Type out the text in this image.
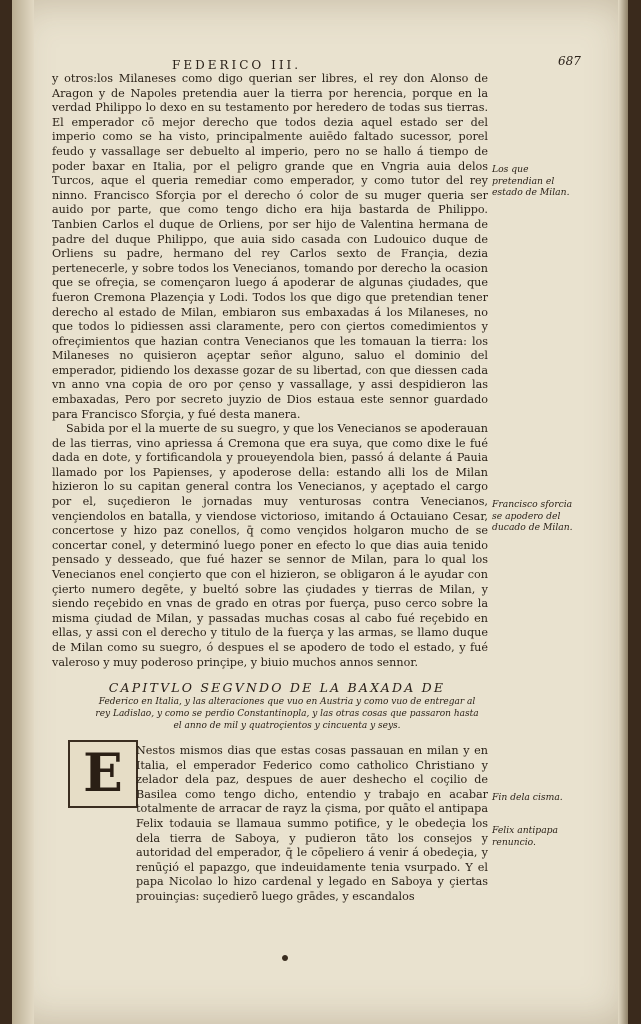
FEDERICO III.	687

y otros:los Milaneses como digo querian ser libres, el rey don Alonso de Aragon y de Napoles pretendia auer la tierra por herencia, porque en la verdad Philippo lo dexo en su testamento por heredero de todas sus tierras. El emperador cō mejor derecho que todos dezia aquel estado ser del imperio como se ha visto, principalmente auiēdo faltado sucessor, porel feudo y vassallage ser debuelto al imperio, pero no se hallo á tiempo de poder baxar en Italia, por el peligro grande que en Vngria auia delos Turcos, aque el queria remediar como emperador, y como tutor del rey ninno. Francisco Sforçia por el derecho ó color de su muger queria ser auido por parte, que como tengo dicho era hija bastarda de Philippo. Tanbien Carlos el duque de Orliens, por ser hijo de Valentina hermana de padre del duque Philippo, que auia sido casada con Ludouico duque de Orliens su padre, hermano del rey Carlos sexto de Françia, dezia pertenecerle, y sobre todos los Venecianos, tomando por derecho la ocasion que se ofreçia, se començaron luego á apoderar de algunas çiudades, que fueron Cremona Plazençia y Lodi. Todos los que digo que pretendian tener derecho al estado de Milan, embiaron sus embaxadas á los Milaneses, no que todos lo pidiessen assi claramente, pero con çiertos comedimientos y ofreçimientos que hazian contra Venecianos que les tomauan la tierra: los Milaneses no quisieron açeptar señor alguno, saluo el dominio del emperador, pidiendo los dexasse gozar de su libertad, con que diessen cada vn anno vna copia de oro por çenso y vassallage, y assi despidieron las embaxadas, Pero por secreto juyzio de Dios estaua este sennor guardado para Francisco Sforçia, y fué desta manera.

Sabida por el la muerte de su suegro, y que los Venecianos se apoderauan de las tierras, vino apriessa á Cremona que era suya, que como dixe le fué dada en dote, y fortificandola y proueyendola bien, passó á delante á Pauia llamado por los Papienses, y apoderose della: estando alli los de Milan hizieron lo su capitan general contra los Venecianos, y açeptado el cargo por el, suçedieron le jornadas muy venturosas contra Venecianos, vençiendolos en batalla, y viendose victorioso, imitando á Octauiano Cesar, concertose y hizo paz conellos, q̄ como vençidos holgaron mucho de se concertar conel, y determinó luego poner en efecto lo que dias auia tenido pensado y desseado, que fué hazer se sennor de Milan, para lo qual los Venecianos enel conçierto que con el hizieron, se obligaron á le ayudar con çierto numero degēte, y bueltó sobre las çiudades y tierras de Milan, y siendo reçebido en vnas de grado en otras por fuerça, puso cerco sobre la misma çiudad de Milan, y passadas muchas cosas al cabo fué reçebido en ellas, y assi con el derecho y titulo de la fuerça y las armas, se llamo duque de Milan como su suegro, ó despues el se apodero de todo el estado, y fué valeroso y muy poderoso prinçipe, y biuio muchos annos sennor.

CAPITVLO SEGVNDO DE LA BAXADA DE
Federico en Italia, y las alteraciones que vuo en Austria y como vuo de entregar al rey Ladislao, y como se perdio Constantinopla, y las otras cosas que passaron hasta el anno de mil y quatroçientos y cincuenta y seys.
E	Nestos mismos dias que estas cosas passauan en milan y en Italia, el emperador Federico como catholico Christiano y zelador dela paz, despues de auer deshecho el coçilio de Basilea como tengo dicho, entendio y trabajo en acabar totalmente de arracar de rayz la çisma, por quāto el antipapa Felix todauia se llamaua summo potifice, y le obedeçia los dela tierra de Saboya, y pudieron tāto los consejos y autoridad del emperador, q̄ le cōpeliero á venir á obedeçia, y renūçió el papazgo, que indeuidamente tenia vsurpado. Y el papa Nicolao lo hizo cardenal y legado en Saboya y çiertas prouinçias: suçedierō luego grādes, y escandalos

Los que pretendian el estado de Milan.
Francisco sforcia se apodero del ducado de Milan.
Fin dela cisma.
Felix antipapa renuncio.
